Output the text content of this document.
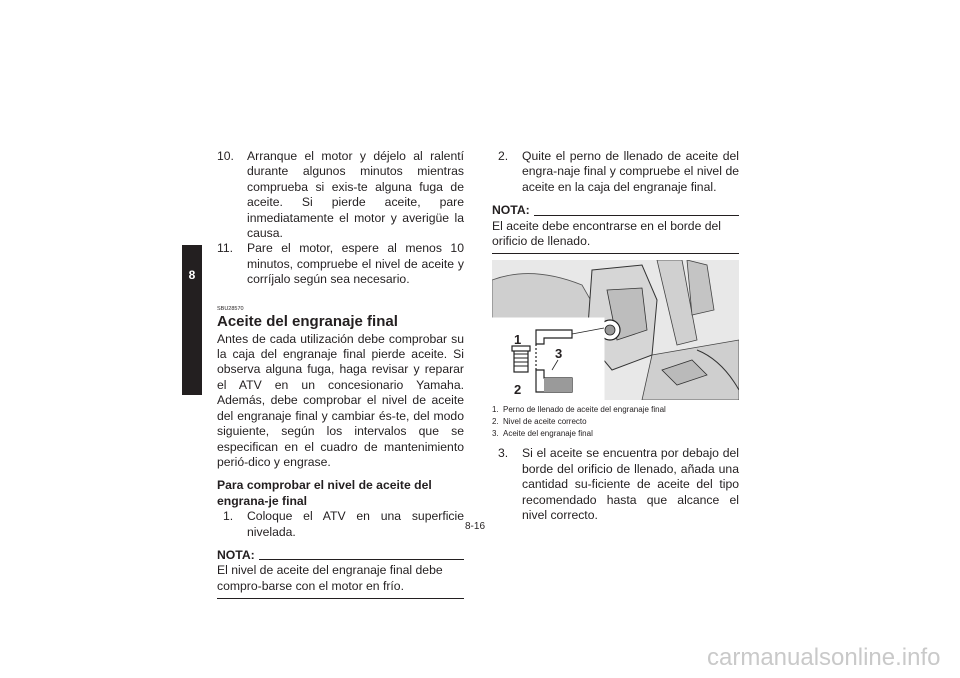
8
10.	Arranque el motor y déjelo al ralentí durante algunos minutos mientras comprueba si exis-te alguna fuga de aceite. Si pierde aceite, pare inmediatamente el motor y averigüe la causa.
11.	Pare el motor, espere al menos 10 minutos, compruebe el nivel de aceite y corríjalo según sea necesario.
SBU28570
Aceite del engranaje final

Antes de cada utilización debe comprobar su la caja del engranaje final pierde aceite. Si observa alguna fuga, haga revisar y reparar el ATV en un concesionario Yamaha. Además, debe comprobar el nivel de aceite del engranaje final y cambiar és-te, del modo siguiente, según los intervalos que se especifican en el cuadro de mantenimiento perió-dico y engrase.

Para comprobar el nivel de aceite del engrana-je final
1.	Coloque el ATV en una superficie nivelada.
NOTA:

El nivel de aceite del engranaje final debe compro-barse con el motor en frío.

2.	Quite el perno de llenado de aceite del engra-naje final y compruebe el nivel de aceite en la caja del engranaje final.
NOTA:

El aceite debe encontrarse en el borde del orificio de llenado.

1
3
2
1. Perno de llenado de aceite del engranaje final
2. Nivel de aceite correcto
3. Aceite del engranaje final
3.	Si el aceite se encuentra por debajo del borde del orificio de llenado, añada una cantidad su-ficiente de aceite del tipo recomendado hasta que alcance el nivel correcto.
8-16
carmanualsonline.info
